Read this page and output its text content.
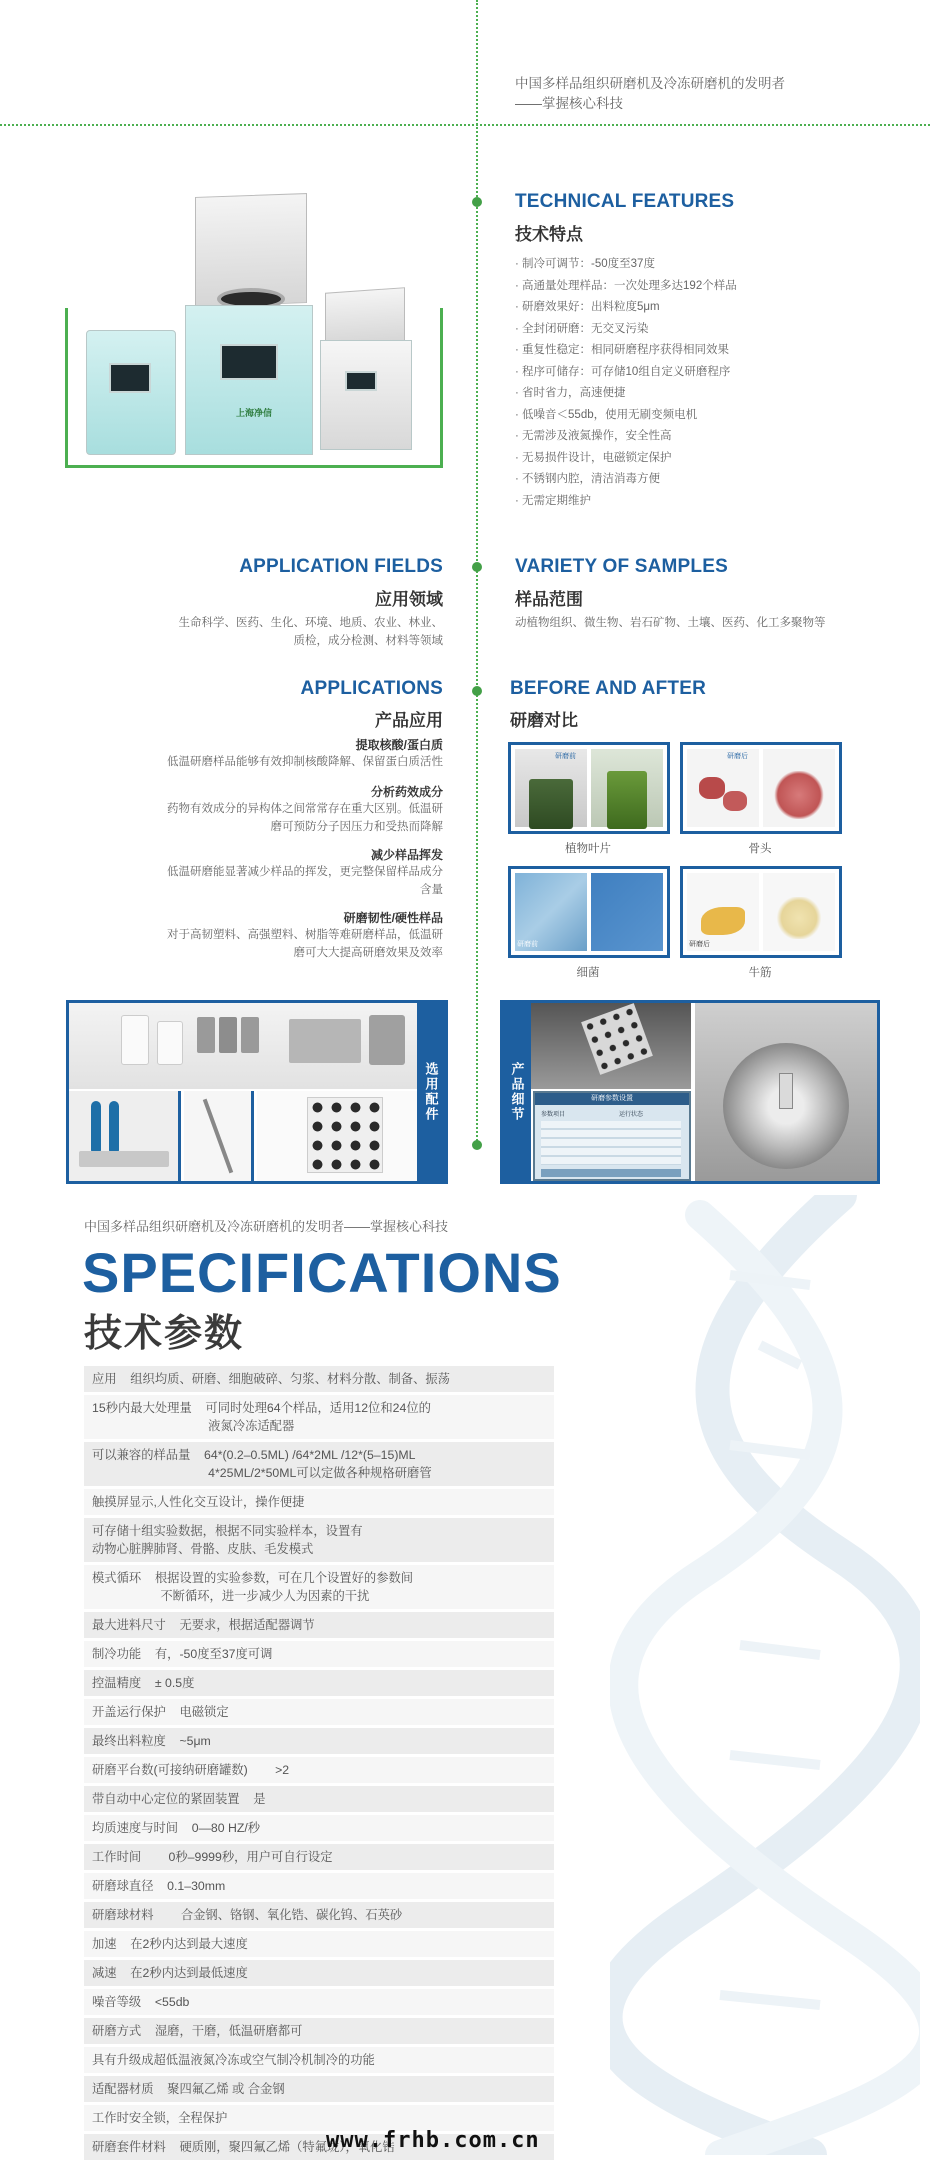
中国多样品组织研磨机及冷冻研磨机的发明者
——掌握核心科技
上海净信
TECHNICAL FEATURES
技术特点
· 制冷可调节：-50度至37度
· 高通量处理样品：一次处理多达192个样品
· 研磨效果好：出料粒度5μm
· 全封闭研磨：无交叉污染
· 重复性稳定：相同研磨程序获得相同效果
· 程序可储存：可存储10组自定义研磨程序
· 省时省力，高速便捷
· 低噪音＜55db，使用无刷变频电机
· 无需涉及液氮操作，安全性高
· 无易损件设计，电磁锁定保护
· 不锈钢内腔，清洁消毒方便
· 无需定期维护
APPLICATION FIELDS
应用领域
生命科学、医药、生化、环境、地质、农业、林业、
质检，成分检测、材料等领域
VARIETY OF SAMPLES
样品范围
动植物组织、微生物、岩石矿物、土壤、医药、化工多聚物等
APPLICATIONS
产品应用
提取核酸/蛋白质
低温研磨样品能够有效抑制核酸降解、保留蛋白质活性
分析药效成分
药物有效成分的异构体之间常常存在重大区别。低温研
磨可预防分子因压力和受热而降解
减少样品挥发
低温研磨能显著减少样品的挥发，更完整保留样品成分
含量
研磨韧性/硬性样品
对于高韧塑料、高强塑料、树脂等难研磨样品，低温研
磨可大大提高研磨效果及效率
BEFORE AND AFTER
研磨对比
研磨前
植物叶片
研磨后
骨头
研磨前
细菌
研磨后
牛筋
选用配件	产品细节	研磨参数设置
参数项目	运行状态
中国多样品组织研磨机及冷冻研磨机的发明者——掌握核心科技
SPECIFICATIONS
技术参数
应用    组织均质、研磨、细胞破碎、匀浆、材料分散、制备、振荡
15秒内最大处理量    可同时处理64个样品，适用12位和24位的
液氮冷冻适配器
可以兼容的样品量    64*(0.2–0.5ML) /64*2ML /12*(5–15)ML
4*25ML/2*50ML可以定做各种规格研磨管
触摸屏显示,人性化交互设计，操作便捷
可存储十组实验数据，根据不同实验样本，设置有
动物心脏脾肺肾、骨骼、皮肤、毛发模式
模式循环    根据设置的实验参数，可在几个设置好的参数间
不断循环，进一步减少人为因素的干扰
最大进料尺寸    无要求，根据适配器调节
制冷功能    有，-50度至37度可调
控温精度    ± 0.5度
开盖运行保护    电磁锁定
最终出料粒度    ~5μm
研磨平台数(可接纳研磨罐数)        >2
带自动中心定位的紧固装置    是
均质速度与时间    0—80 HZ/秒
工作时间        0秒–9999秒，用户可自行设定
研磨球直径    0.1–30mm
研磨球材料        合金钢、铬钢、氧化锆、碳化钨、石英砂
加速    在2秒内达到最大速度
减速    在2秒内达到最低速度
噪音等级    <55db
研磨方式    湿磨，干磨，低温研磨都可
具有升级成超低温液氮冷冻或空气制冷机制冷的功能
适配器材质    聚四氟乙烯 或 合金钢
工作时安全锁，全程保护
研磨套件材料    硬质刚，聚四氟乙烯（特氟珑），氧化锆
www.frhb.com.cn
